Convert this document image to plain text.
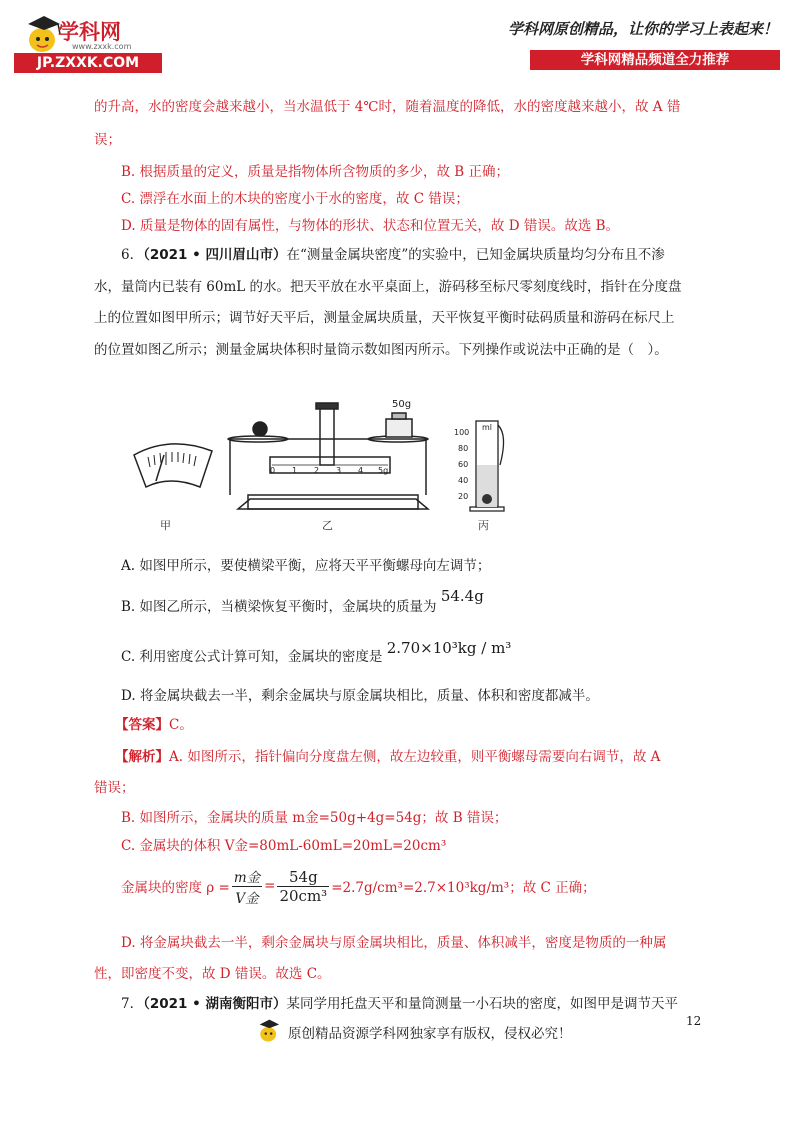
学科网
www.zxxk.com
JP.ZXXK.COM
学科网原创精品，让你的学习上表起来！
学科网精品频道全力推荐
的升高，水的密度会越来越小，当水温低于 4℃时，随着温度的降低，水的密度越来越小，故 A 错
误；
B. 根据质量的定义，质量是指物体所含物质的多少，故 B 正确；
C. 漂浮在水面上的木块的密度小于水的密度，故 C 错误；
D. 质量是物体的固有属性，与物体的形状、状态和位置无关，故 D 错误。故选 B。
6．（2021 • 四川眉山市）在“测量金属块密度”的实验中，已知金属块质量均匀分布且不渗
水，量筒内已装有 60mL 的水。把天平放在水平桌面上，游码移至标尺零刻度线时，指针在分度盘
上的位置如图甲所示；调节好天平后，测量金属块质量，天平恢复平衡时砝码质量和游码在标尺上
的位置如图乙所示；测量金属块体积时量筒示数如图丙所示。下列操作或说法中正确的是（　）。
0 1 2 3 4 5g
50g
ml
100
80
60
40
20
甲	乙	丙
A. 如图甲所示，要使横梁平衡，应将天平平衡螺母向左调节；
B. 如图乙所示，当横梁恢复平衡时，金属块的质量为 54.4g
C. 利用密度公式计算可知，金属块的密度是 2.70×10³kg / m³
D. 将金属块截去一半，剩余金属块与原金属块相比，质量、体积和密度都减半。
【答案】C。
【解析】A. 如图所示，指针偏向分度盘左侧，故左边较重，则平衡螺母需要向右调节，故 A
错误；
B. 如图所示，金属块的质量 m金=50g+4g=54g；故 B 错误；
C. 金属块的体积 V金=80mL-60mL=20mL=20cm³
金属块的密度 $\rho = \frac{\text{m金}}{\text{V金}} = \frac{54g}{\text{20cm³}} =2.7g/cm^3=2.7\times 10^3kg/m^3$；故 C 正确；
D. 将金属块截去一半，剩余金属块与原金属块相比，质量、体积减半，密度是物质的一种属
性，即密度不变，故 D 错误。故选 C。
7．（2021 • 湖南衡阳市）某同学用托盘天平和量筒测量一小石块的密度，如图甲是调节天平
12
原创精品资源学科网独家享有版权，侵权必究！
